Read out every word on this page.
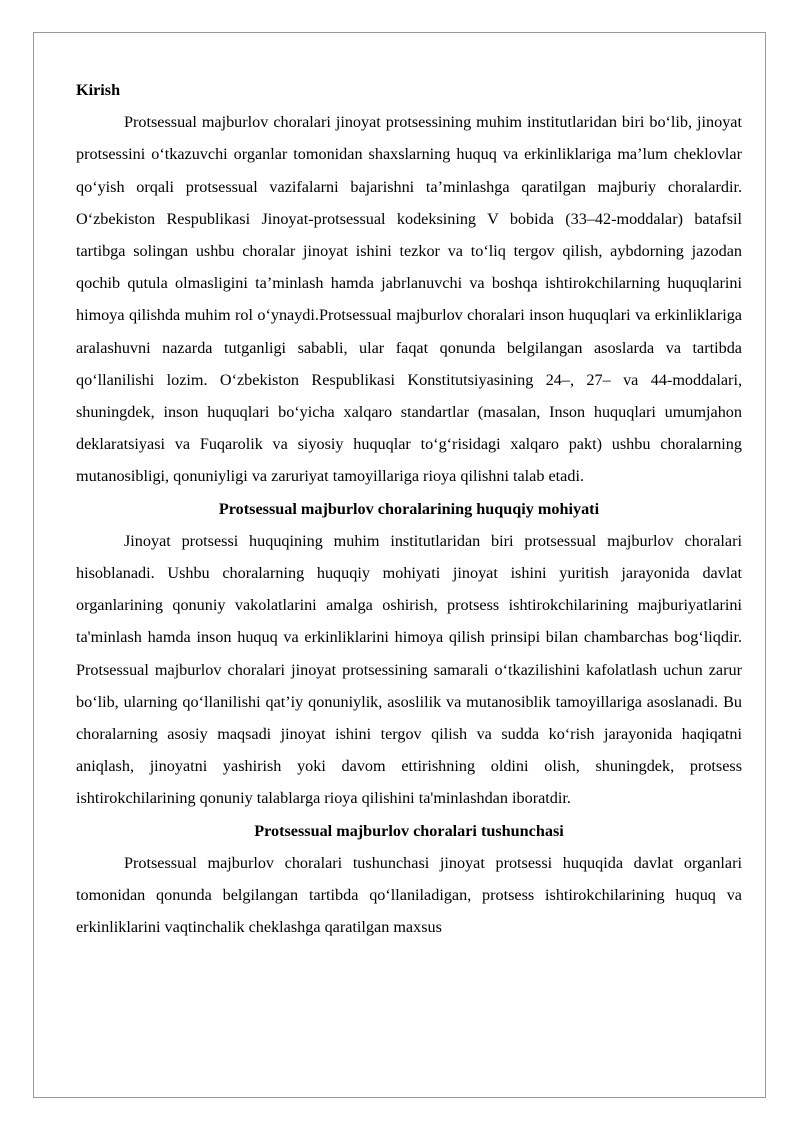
Kirish

Protsessual majburlov choralari jinoyat protsessining muhim institutlaridan biri bo‘lib, jinoyat protsessini o‘tkazuvchi organlar tomonidan shaxslarning huquq va erkinliklariga ma’lum cheklovlar qo‘yish orqali protsessual vazifalarni bajarishni ta’minlashga qaratilgan majburiy choralardir. O‘zbekiston Respublikasi Jinoyat-protsessual kodeksining V bobida (33–42-moddalar) batafsil tartibga solingan ushbu choralar jinoyat ishini tezkor va to‘liq tergov qilish, aybdorning jazodan qochib qutula olmasligini ta’minlash hamda jabrlanuvchi va boshqa ishtirokchilarning huquqlarini himoya qilishda muhim rol o‘ynaydi.Protsessual majburlov choralari inson huquqlari va erkinliklariga aralashuvni nazarda tutganligi sababli, ular faqat qonunda belgilangan asoslarda va tartibda qo‘llanilishi lozim. O‘zbekiston Respublikasi Konstitutsiyasining 24–, 27– va 44-moddalari, shuningdek, inson huquqlari bo‘yicha xalqaro standartlar (masalan, Inson huquqlari umumjahon deklaratsiyasi va Fuqarolik va siyosiy huquqlar to‘g‘risidagi xalqaro pakt) ushbu choralarning mutanosibligi, qonuniyligi va zaruriyat tamoyillariga rioya qilishni talab etadi.

Protsessual majburlov choralarining huquqiy mohiyati

Jinoyat protsessi huquqining muhim institutlaridan biri protsessual majburlov choralari hisoblanadi. Ushbu choralarning huquqiy mohiyati jinoyat ishini yuritish jarayonida davlat organlarining qonuniy vakolatlarini amalga oshirish, protsess ishtirokchilarining majburiyatlarini ta'minlash hamda inson huquq va erkinliklarini himoya qilish prinsipi bilan chambarchas bog‘liqdir. Protsessual majburlov choralari jinoyat protsessining samarali o‘tkazilishini kafolatlash uchun zarur bo‘lib, ularning qo‘llanilishi qat’iy qonuniylik, asoslilik va mutanosiblik tamoyillariga asoslanadi. Bu choralarning asosiy maqsadi jinoyat ishini tergov qilish va sudda ko‘rish jarayonida haqiqatni aniqlash, jinoyatni yashirish yoki davom ettirishning oldini olish, shuningdek, protsess ishtirokchilarining qonuniy talablarga rioya qilishini ta'minlashdan iboratdir.

Protsessual majburlov choralari tushunchasi

Protsessual majburlov choralari tushunchasi jinoyat protsessi huquqida davlat organlari tomonidan qonunda belgilangan tartibda qo‘llaniladigan, protsess ishtirokchilarining huquq va erkinliklarini vaqtinchalik cheklashga qaratilgan maxsus
